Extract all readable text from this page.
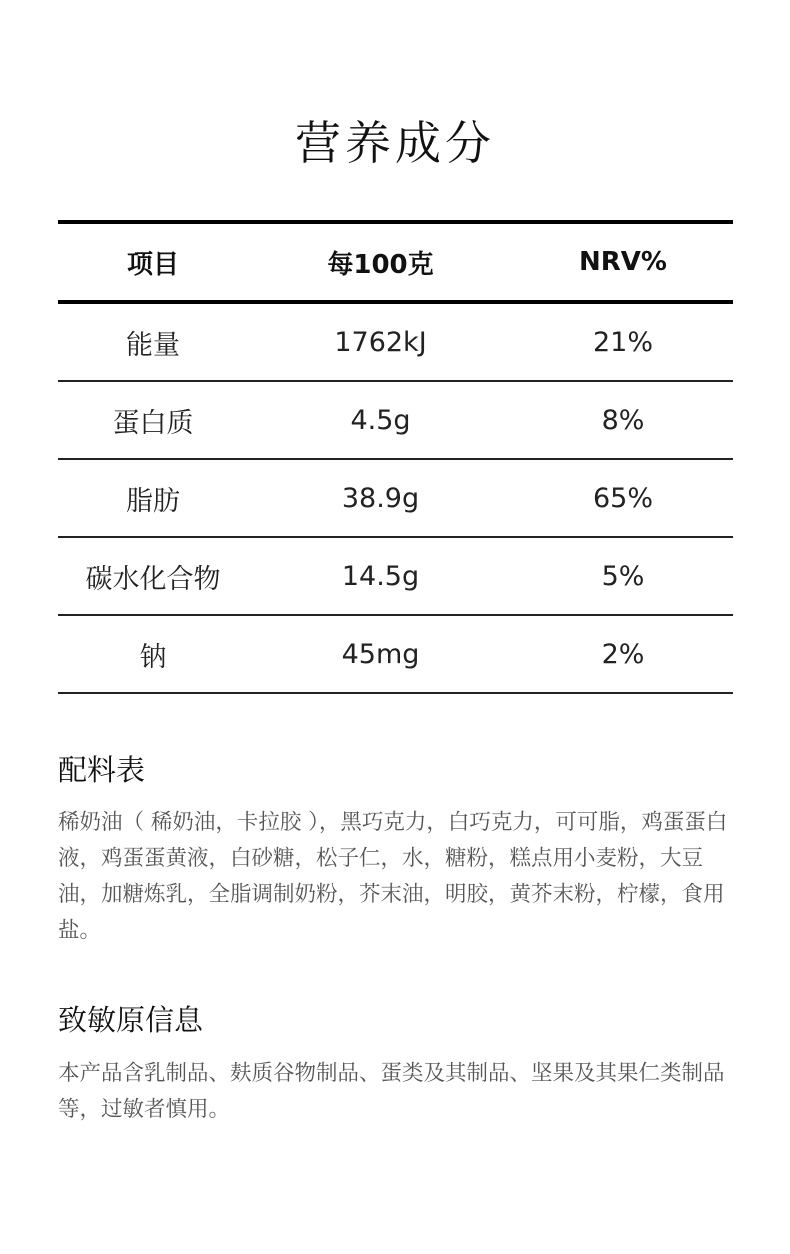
营养成分
项目	每100克	NRV%
能量	1762kJ	21%
蛋白质	4.5g	8%
脂肪	38.9g	65%
碳水化合物	14.5g	5%
钠	45mg	2%
配料表
稀奶油（ 稀奶油，卡拉胶 ），黑巧克力，白巧克力，可可脂，鸡蛋蛋白液，鸡蛋蛋黄液，白砂糖，松子仁，水，糖粉，糕点用小麦粉，大豆油，加糖炼乳，全脂调制奶粉，芥末油，明胶，黄芥末粉，柠檬，食用盐。
致敏原信息
本产品含乳制品、麸质谷物制品、蛋类及其制品、坚果及其果仁类制品等，过敏者慎用。
